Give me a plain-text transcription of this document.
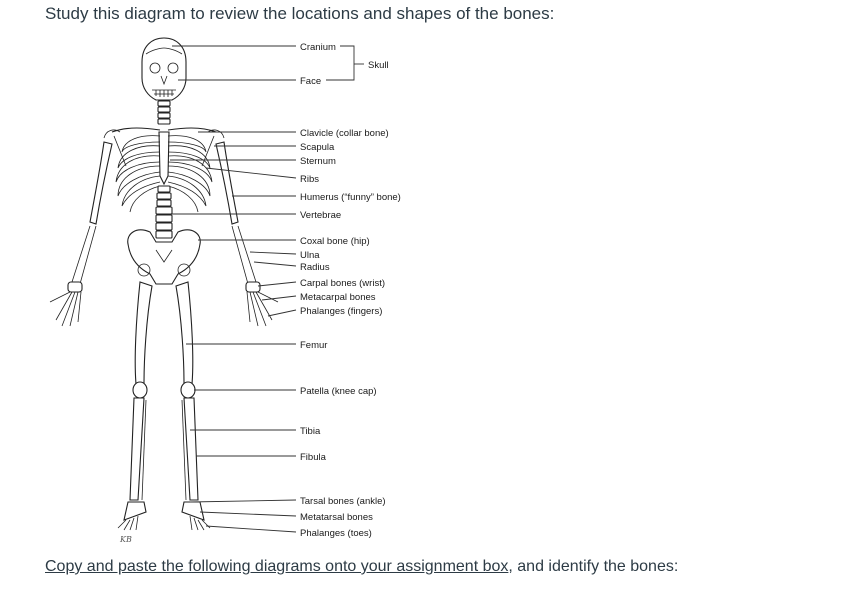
Study this diagram to review the locations and shapes of the bones:
Cranium
Face
Skull
Clavicle (collar bone)
Scapula
Sternum
Ribs
Humerus (“funny” bone)
Vertebrae
Coxal bone (hip)
Ulna
Radius
Carpal bones (wrist)
Metacarpal bones
Phalanges (fingers)
Femur
Patella (knee cap)
Tibia
Fibula
Tarsal bones (ankle)
Metatarsal bones
Phalanges (toes)
KB
Copy and paste the following diagrams onto your assignment box, and identify the bones:
